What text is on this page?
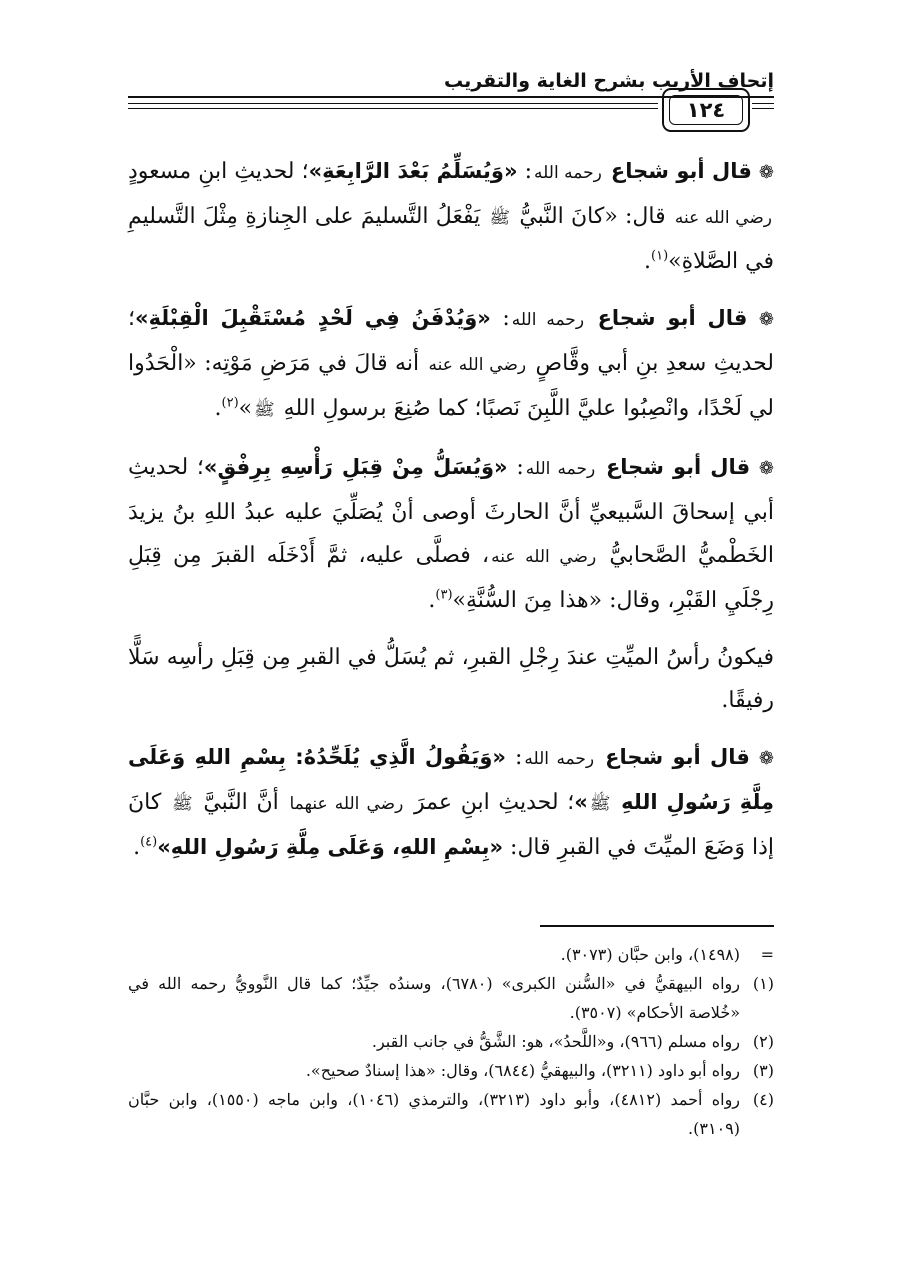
إتحاف الأريب بشرح الغاية والتقريب
١٢٤

❁ قال أبو شجاع رحمه الله: «وَيُسَلِّمُ بَعْدَ الرَّابِعَةِ»؛ لحديثِ ابنِ مسعودٍ رضي الله عنه قال: «كانَ النَّبيُّ ﷺ يَفْعَلُ التَّسليمَ على الجِنازةِ مِثْلَ التَّسليمِ في الصَّلاةِ»$^{(١)}$.

❁ قال أبو شجاع رحمه الله: «وَيُدْفَنُ فِي لَحْدٍ مُسْتَقْبِلَ الْقِبْلَةِ»؛ لحديثِ سعدِ بنِ أبي وقَّاصٍ رضي الله عنه أنه قالَ في مَرَضِ مَوْتِه: «الْحَدُوا لي لَحْدًا، وانْصِبُوا عليَّ اللَّبِنَ نَصبًا؛ كما صُنِعَ برسولِ اللهِ ﷺ»$^{(٢)}$.

❁ قال أبو شجاع رحمه الله: «وَيُسَلُّ مِنْ قِبَلِ رَأْسِهِ بِرِفْقٍ»؛ لحديثِ أبي إسحاقَ السَّبيعيِّ أنَّ الحارثَ أوصى أنْ يُصَلِّيَ عليه عبدُ اللهِ بنُ يزيدَ الخَطْميُّ الصَّحابيُّ رضي الله عنه، فصلَّى عليه، ثمَّ أَدْخَلَه القبرَ مِن قِبَلِ رِجْلَيِ القَبْرِ، وقال: «هذا مِنَ السُّنَّةِ»$^{(٣)}$.

فيكونُ رأسُ الميِّتِ عندَ رِجْلِ القبرِ، ثم يُسَلُّ في القبرِ مِن قِبَلِ رأسِه سَلًّا رفيقًا.

❁ قال أبو شجاع رحمه الله: «وَيَقُولُ الَّذِي يُلَحِّدُهُ: بِسْمِ اللهِ وَعَلَى مِلَّةِ رَسُولِ اللهِ ﷺ»؛ لحديثِ ابنِ عمرَ رضي الله عنهما أنَّ النَّبيَّ ﷺ كانَ إذا وَضَعَ الميِّتَ في القبرِ قال: «بِسْمِ اللهِ، وَعَلَى مِلَّةِ رَسُولِ اللهِ»$^{(٤)}$.

=
(١٤٩٨)، وابن حبَّان (٣٠٧٣).

(١)
رواه البيهقيُّ في «السُّنن الكبرى» (٦٧٨٠)، وسندُه جيِّدٌ؛ كما قال النَّوويُّ رحمه الله في «خُلاصة الأحكام» (٣٥٠٧).

(٢)
رواه مسلم (٩٦٦)، و«اللَّحدُ»، هو: الشَّقُّ في جانب القبر.

(٣)
رواه أبو داود (٣٢١١)، والبيهقيُّ (٦٨٤٤)، وقال: «هذا إسنادٌ صحيح».

(٤)
رواه أحمد (٤٨١٢)، وأبو داود (٣٢١٣)، والترمذي (١٠٤٦)، وابن ماجه (١٥٥٠)، وابن حبَّان (٣١٠٩).
